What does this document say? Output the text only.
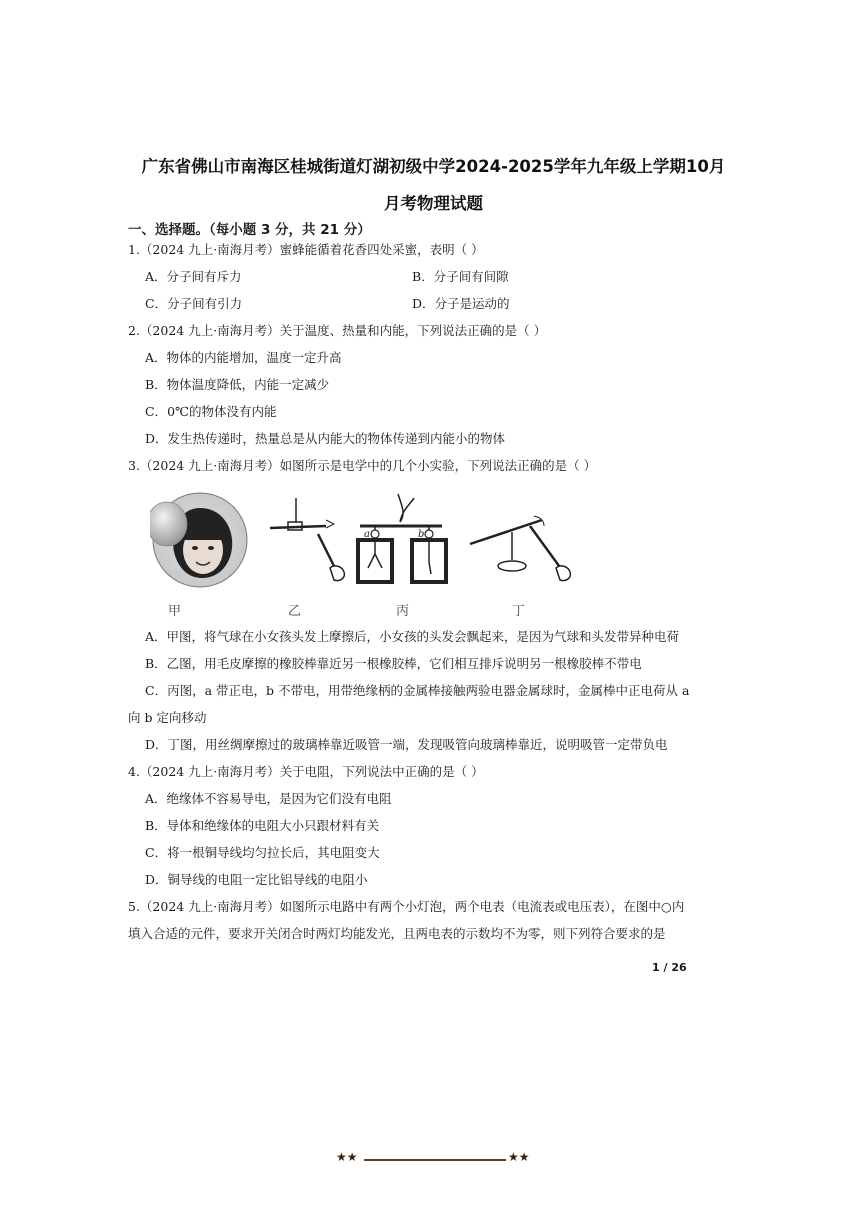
广东省佛山市南海区桂城街道灯湖初级中学2024-2025学年九年级上学期10月
月考物理试题
一、选择题。（每小题 3 分，共 21 分）
1.（2024 九上·南海月考）蜜蜂能循着花香四处采蜜，表明（ ）
A．分子间有斥力	B．分子间有间隙
C．分子间有引力	D．分子是运动的
2.（2024 九上·南海月考）关于温度、热量和内能，下列说法正确的是（ ）
A．物体的内能增加，温度一定升高
B．物体温度降低，内能一定减少
C．0℃的物体没有内能
D．发生热传递时，热量总是从内能大的物体传递到内能小的物体
3.（2024 九上·南海月考）如图所示是电学中的几个小实验，下列说法正确的是（ ）
a	b
甲	乙	丙	丁
A．甲图，将气球在小女孩头发上摩擦后，小女孩的头发会飘起来，是因为气球和头发带异种电荷
B．乙图，用毛皮摩擦的橡胶棒靠近另一根橡胶棒，它们相互排斥说明另一根橡胶棒不带电
C．丙图，a 带正电，b 不带电，用带绝缘柄的金属棒接触两验电器金属球时，金属棒中正电荷从 a
向 b 定向移动
D．丁图，用丝绸摩擦过的玻璃棒靠近吸管一端，发现吸管向玻璃棒靠近，说明吸管一定带负电
4.（2024 九上·南海月考）关于电阻，下列说法中正确的是（ ）
A．绝缘体不容易导电，是因为它们没有电阻
B．导体和绝缘体的电阻大小只跟材料有关
C．将一根铜导线均匀拉长后，其电阻变大
D．铜导线的电阻一定比铝导线的电阻小
5.（2024 九上·南海月考）如图所示电路中有两个小灯泡，两个电表（电流表或电压表），在图中○内
填入合适的元件，要求开关闭合时两灯均能发光，且两电表的示数均不为零，则下列符合要求的是
1 / 26
★★	★★
